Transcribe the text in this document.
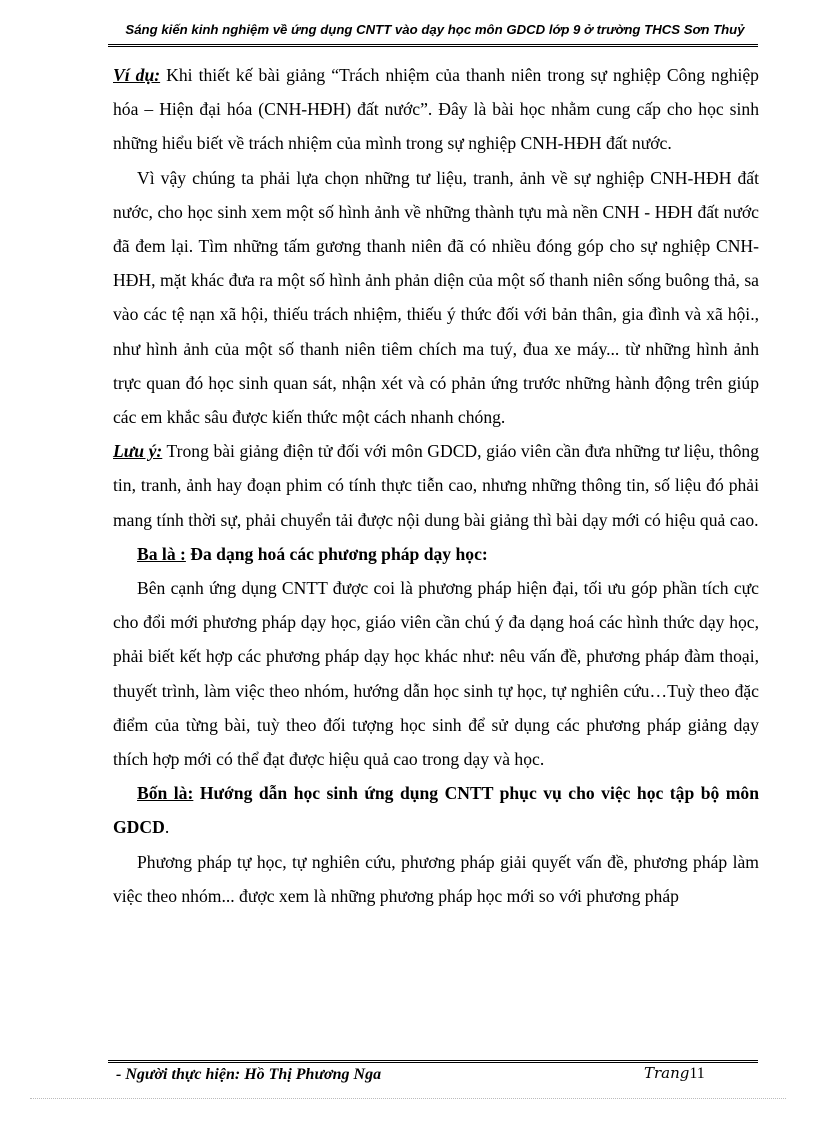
Sáng kiến kinh nghiệm về ứng dụng CNTT vào dạy học môn GDCD lớp 9 ở trường THCS Sơn Thuỷ

Ví dụ: Khi thiết kế bài giảng “Trách nhiệm của thanh niên trong sự nghiệp Công nghiệp hóa – Hiện đại hóa (CNH-HĐH) đất nước”. Đây là bài học nhằm cung cấp cho học sinh những hiểu biết về trách nhiệm của mình trong sự nghiệp CNH-HĐH đất nước.

Vì vậy chúng ta phải lựa chọn những tư liệu, tranh, ảnh về sự nghiệp CNH-HĐH đất nước, cho học sinh xem một số hình ảnh về những thành tựu mà nền CNH - HĐH đất nước đã đem lại. Tìm những tấm gương thanh niên đã có nhiều đóng góp cho sự nghiệp CNH-HĐH, mặt khác đưa ra một số hình ảnh phản diện của một số thanh niên sống buông thả, sa vào các tệ nạn xã hội, thiếu trách nhiệm, thiếu ý thức đối với bản thân, gia đình và xã hội., như hình ảnh của một số thanh niên tiêm chích ma tuý, đua xe máy... từ những hình ảnh trực quan đó học sinh quan sát, nhận xét và có phản ứng trước những hành động trên giúp các em khắc sâu được kiến thức một cách nhanh chóng.

Lưu ý: Trong bài giảng điện tử đối với môn GDCD, giáo viên cần đưa những tư liệu, thông tin, tranh, ảnh hay đoạn phim có tính thực tiễn cao, nhưng những thông tin, số liệu đó phải mang tính thời sự, phải chuyển tải được nội dung bài giảng thì bài dạy mới có hiệu quả cao.

Ba là : Đa dạng hoá các phương pháp dạy học:

Bên cạnh ứng dụng CNTT được coi là phương pháp hiện đại, tối ưu góp phần tích cực cho đổi mới phương pháp dạy học, giáo viên cần chú ý đa dạng hoá các hình thức dạy học, phải biết kết hợp các phương pháp dạy học khác như: nêu vấn đề, phương pháp đàm thoại, thuyết trình, làm việc theo nhóm, hướng dẫn học sinh tự học, tự nghiên cứu…Tuỳ theo đặc điểm của từng bài, tuỳ theo đối tượng học sinh để sử dụng các phương pháp giảng dạy thích hợp mới có thể đạt được hiệu quả cao trong dạy và học.

Bốn là: Hướng dẫn học sinh ứng dụng CNTT phục vụ cho việc học tập bộ môn GDCD.

Phương pháp tự học, tự nghiên cứu, phương pháp giải quyết vấn đề, phương pháp làm việc theo nhóm... được xem là những phương pháp học mới so với phương pháp

- Người thực hiện: Hồ Thị Phương Nga	Trang11
